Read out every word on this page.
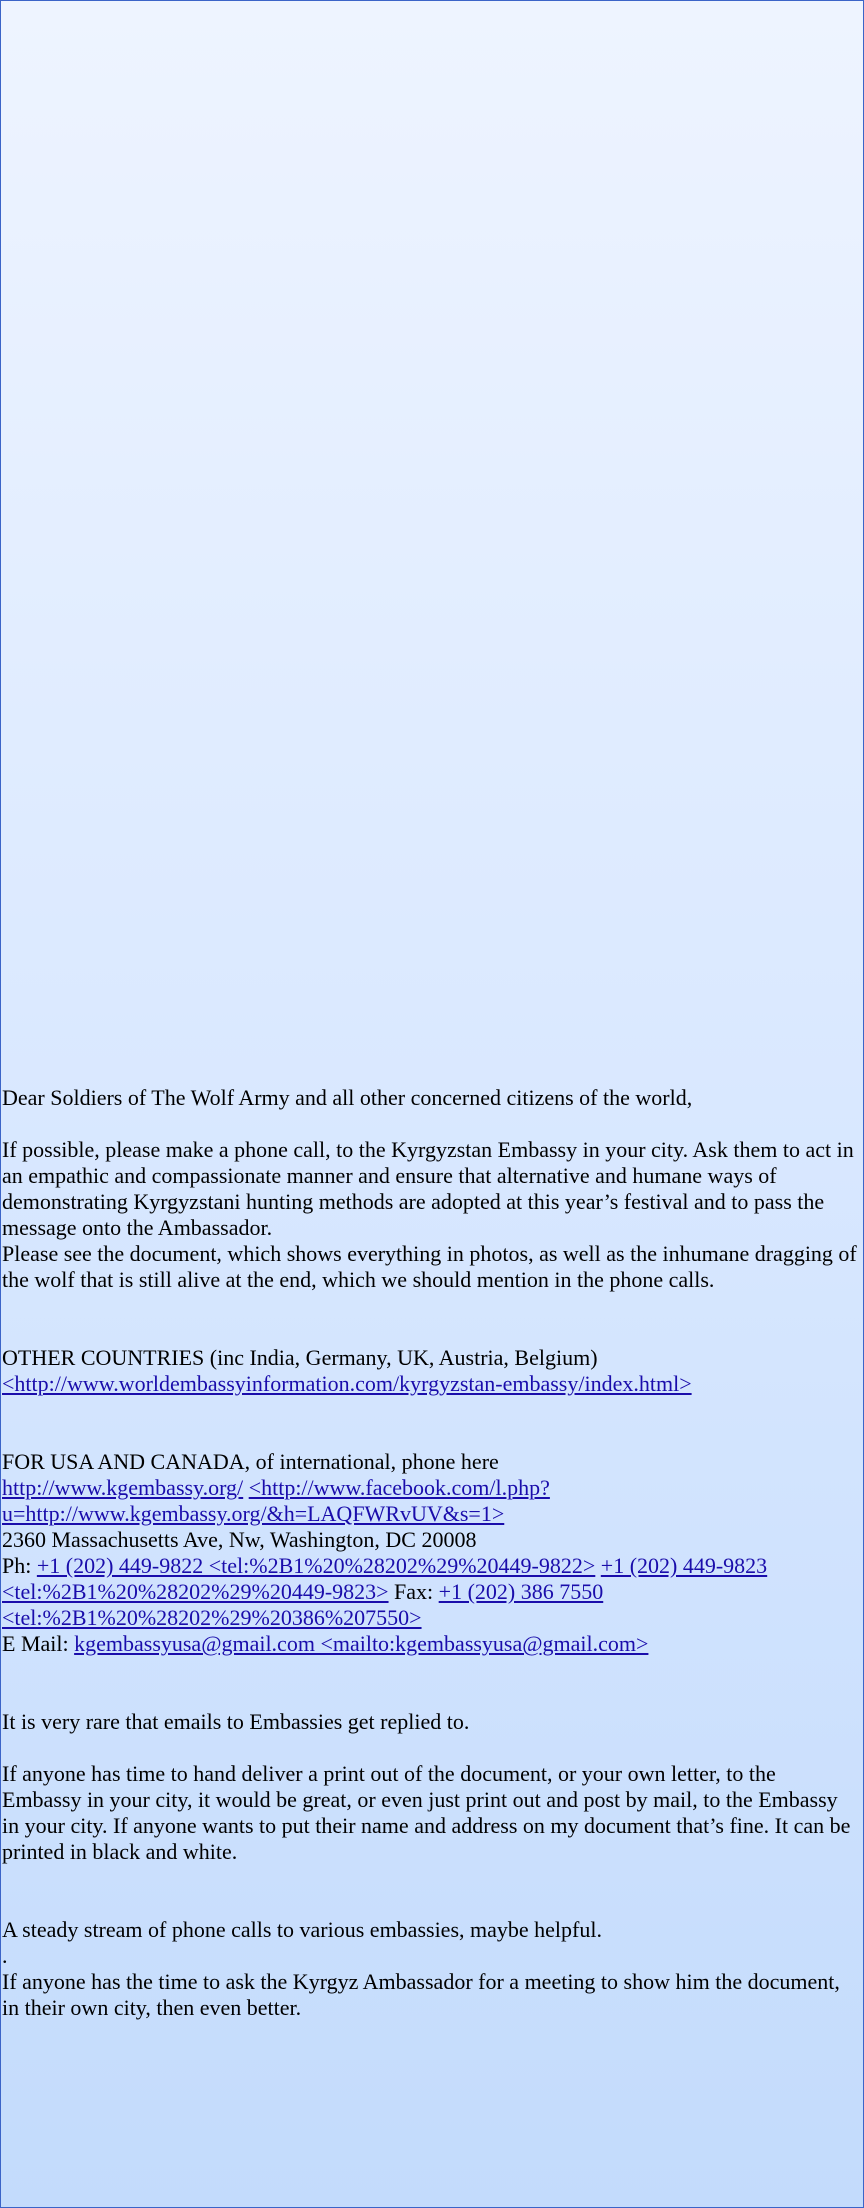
Dear Soldiers of The Wolf Army and all other concerned citizens of the world,

If possible, please make a phone call, to the Kyrgyzstan Embassy in your city. Ask them to act in an empathic and compassionate manner and ensure that alternative and humane ways of demonstrating Kyrgyzstani hunting methods are adopted at this year’s festival and to pass the message onto the Ambassador.

Please see the document, which shows everything in photos, as well as the inhumane dragging of the wolf that is still alive at the end, which we should mention in the phone calls.

OTHER COUNTRIES (inc India, Germany, UK, Austria, Belgium)

<http://www.worldembassyinformation.com/kyrgyzstan-embassy/index.html>

FOR USA AND CANADA, of international, phone here

http://www.kgembassy.org/ <http://www.facebook.com/l.php?u=http://www.kgembassy.org/&h=LAQFWRvUV&s=1>

2360 Massachusetts Ave, Nw, Washington, DC 20008

Ph: +1 (202) 449-9822 <tel:%2B1%20%28202%29%20449-9822> +1 (202) 449-9823 <tel:%2B1%20%28202%29%20449-9823> Fax: +1 (202) 386 7550 <tel:%2B1%20%28202%29%20386%207550>

E Mail: kgembassyusa@gmail.com <mailto:kgembassyusa@gmail.com>

It is very rare that emails to Embassies get replied to.

If anyone has time to hand deliver a print out of the document, or your own letter, to the Embassy in your city, it would be great, or even just print out and post by mail, to the Embassy in your city. If anyone wants to put their name and address on my document that’s fine. It can be printed in black and white.

A steady stream of phone calls to various embassies, maybe helpful.

.

If anyone has the time to ask the Kyrgyz Ambassador for a meeting to show him the document, in their own city, then even better.
